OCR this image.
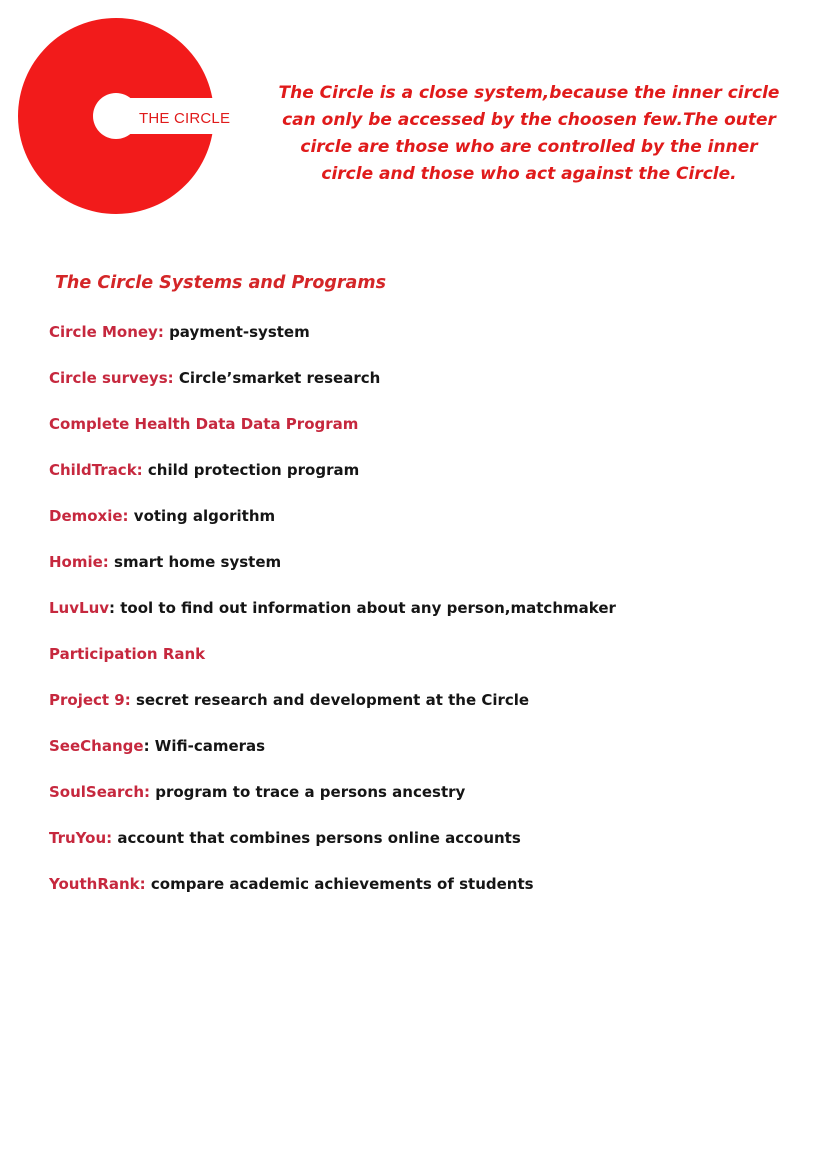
THE CIRCLE
The Circle is a close system,because the inner circle
can only be accessed by the choosen few.The outer
circle are those who are controlled by the inner
circle and those who act against the Circle.
The Circle Systems and Programs
Circle Money: payment-system
Circle surveys: Circle’smarket research
Complete Health Data Data Program
ChildTrack: child protection program
Demoxie: voting algorithm
Homie: smart home system
LuvLuv: tool to find out information about any person,matchmaker
Participation Rank
Project 9: secret research and development at the Circle
SeeChange: Wifi-cameras
SoulSearch: program to trace a persons ancestry
TruYou: account that combines persons online accounts
YouthRank: compare academic achievements of students
